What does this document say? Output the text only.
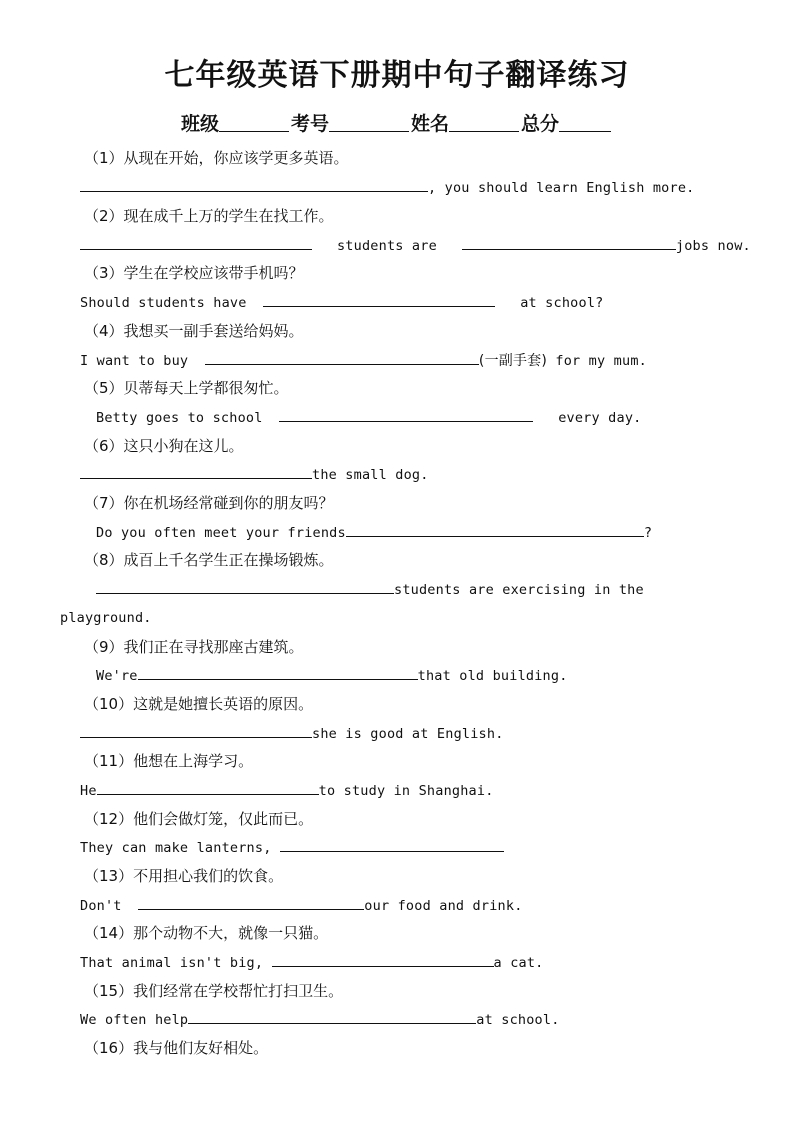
七年级英语下册期中句子翻译练习
班级	考号	姓名	总分
（1）从现在开始，你应该学更多英语。
, you should learn English more.
（2）现在成千上万的学生在找工作。
students are	jobs now.
（3）学生在学校应该带手机吗？
Should students have	at school?
（4）我想买一副手套送给妈妈。
I want to buy	(一副手套) for my mum.
（5）贝蒂每天上学都很匆忙。
Betty goes to school	every day.
（6）这只小狗在这儿。
the small dog.
（7）你在机场经常碰到你的朋友吗？
Do you often meet your friends	?
（8）成百上千名学生正在操场锻炼。
students are exercising in the
playground.
（9）我们正在寻找那座古建筑。
We're	that old building.
（10）这就是她擅长英语的原因。
she is good at English.
（11）他想在上海学习。
He	to study in Shanghai.
（12）他们会做灯笼，仅此而已。
They can make lanterns,
（13）不用担心我们的饮食。
Don't	our food and drink.
（14）那个动物不大，就像一只猫。
That animal isn't big,	a cat.
（15）我们经常在学校帮忙打扫卫生。
We often help	at school.
（16）我与他们友好相处。
